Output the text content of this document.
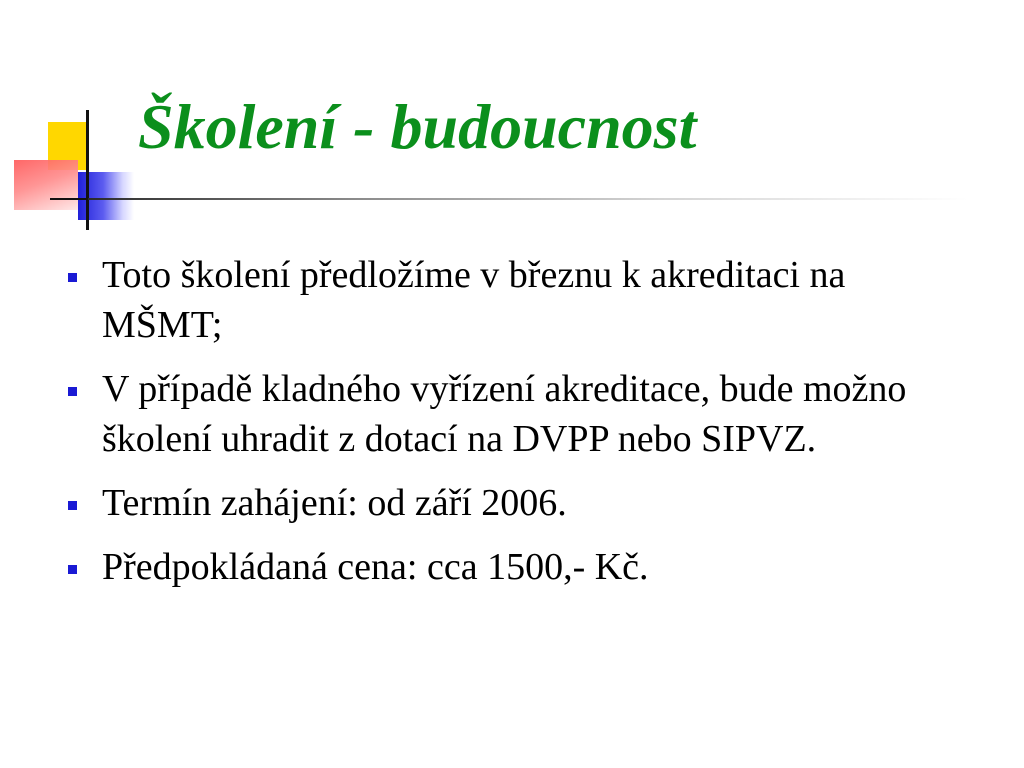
Školení - budoucnost
Toto školení předložíme v březnu k akreditaci na MŠMT;
V případě kladného vyřízení akreditace, bude možno školení uhradit z dotací na DVPP nebo SIPVZ.
Termín zahájení: od září 2006.
Předpokládaná cena: cca 1500,- Kč.
